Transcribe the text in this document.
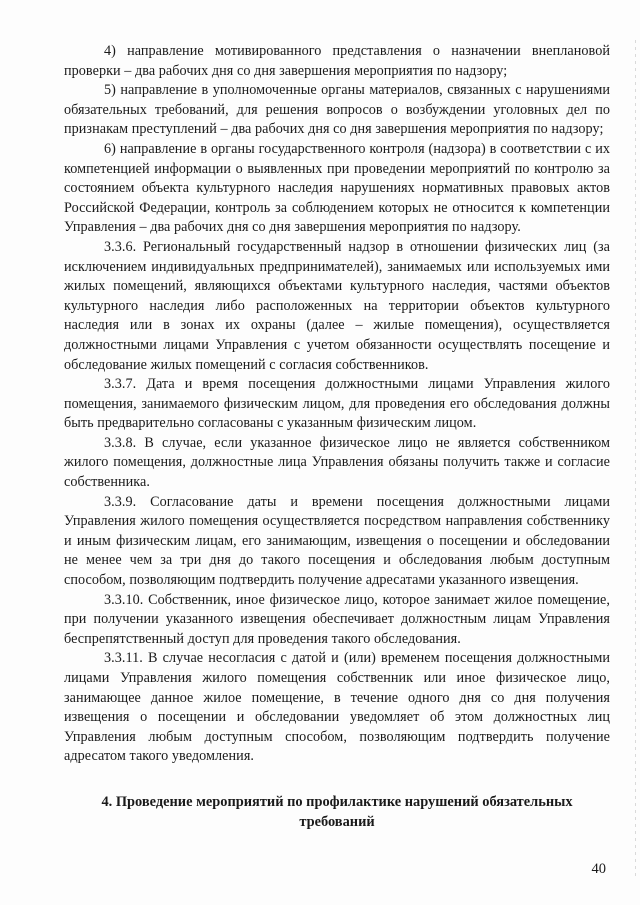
4) направление мотивированного представления о назначении внеплановой проверки – два рабочих дня со дня завершения мероприятия по надзору;

5) направление в уполномоченные органы материалов, связанных с нарушениями обязательных требований, для решения вопросов о возбуждении уголовных дел по признакам преступлений – два рабочих дня со дня завершения мероприятия по надзору;

6) направление в органы государственного контроля (надзора) в соответствии с их компетенцией информации о выявленных при проведении мероприятий по контролю за состоянием объекта культурного наследия нарушениях нормативных правовых актов Российской Федерации, контроль за соблюдением которых не относится к компетенции Управления – два рабочих дня со дня завершения мероприятия по надзору.

3.3.6. Региональный государственный надзор в отношении физических лиц (за исключением индивидуальных предпринимателей), занимаемых или используемых ими жилых помещений, являющихся объектами культурного наследия, частями объектов культурного наследия либо расположенных на территории объектов культурного наследия или в зонах их охраны (далее – жилые помещения), осуществляется должностными лицами Управления с учетом обязанности осуществлять посещение и обследование жилых помещений с согласия собственников.

3.3.7. Дата и время посещения должностными лицами Управления жилого помещения, занимаемого физическим лицом, для проведения его обследования должны быть предварительно согласованы с указанным физическим лицом.

3.3.8. В случае, если указанное физическое лицо не является собственником жилого помещения, должностные лица Управления обязаны получить также и согласие собственника.

3.3.9. Согласование даты и времени посещения должностными лицами Управления жилого помещения осуществляется посредством направления собственнику и иным физическим лицам, его занимающим, извещения о посещении и обследовании не менее чем за три дня до такого посещения и обследования любым доступным способом, позволяющим подтвердить получение адресатами указанного извещения.

3.3.10. Собственник, иное физическое лицо, которое занимает жилое помещение, при получении указанного извещения обеспечивает должностным лицам Управления беспрепятственный доступ для проведения такого обследования.

3.3.11. В случае несогласия с датой и (или) временем посещения должностными лицами Управления жилого помещения собственник или иное физическое лицо, занимающее данное жилое помещение, в течение одного дня со дня получения извещения о посещении и обследовании уведомляет об этом должностных лиц Управления любым доступным способом, позволяющим подтвердить получение адресатом такого уведомления.

4. Проведение мероприятий по профилактике нарушений обязательных требований
40
